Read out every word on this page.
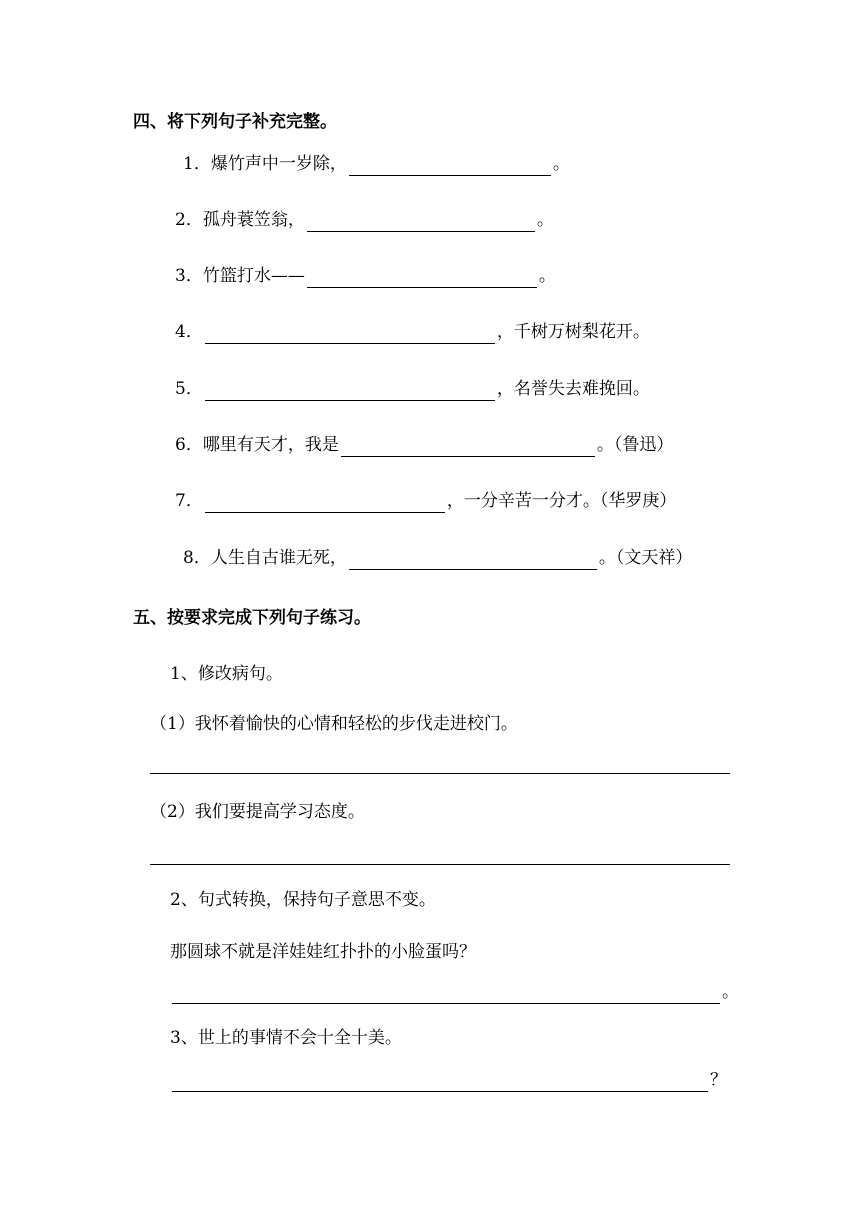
四、将下列句子补充完整。
1． 爆竹声中一岁除，	。
2． 孤舟蓑笠翁，	。
3． 竹篮打水——	。
4．	，千树万树梨花开。
5．	，名誉失去难挽回。
6． 哪里有天才，我是	。（鲁迅）
7．	，一分辛苦一分才。（华罗庚）
8． 人生自古谁无死，	。（文天祥）
五、按要求完成下列句子练习。
1、修改病句。
（1）我怀着愉快的心情和轻松的步伐走进校门。
（2）我们要提高学习态度。
2、句式转换，保持句子意思不变。
那圆球不就是洋娃娃红扑扑的小脸蛋吗？
。
3、世上的事情不会十全十美。
？
